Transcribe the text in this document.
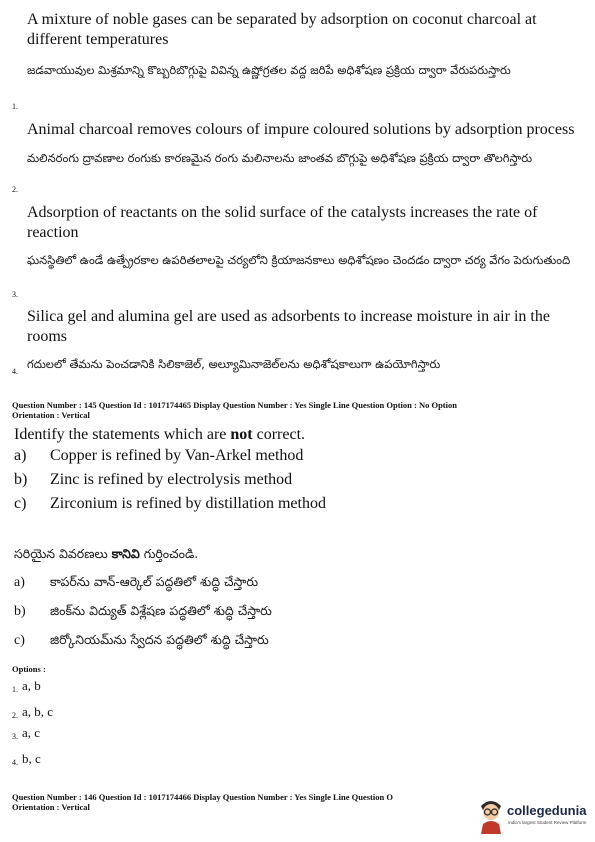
A mixture of noble gases can be separated by adsorption on coconut charcoal at different temperatures
జడవాయువుల మిశ్రమాన్ని కొబ్బరిబొగ్గుపై వివిన్న ఉష్ణోగ్రతల వద్ద జరిపే అధిశోషణ ప్రక్రియ ద్వారా వేరుపరుస్తారు
1.
Animal charcoal removes colours of impure coloured solutions by adsorption process
మలినరంగు ద్రావణాల రంగుకు కారణమైన రంగు మలినాలను జాంతవ బొగ్గుపై అధిశోషణ ప్రక్రియ ద్వారా తొలగిస్తారు
2.
Adsorption of reactants on the solid surface of the catalysts increases the rate of reaction
ఘనస్థితిలో ఉండే ఉత్ప్రేరకాల ఉపరితలాలపై చర్యలోని క్రియాజనకాలు అధిశోషణం చెందడం ద్వారా చర్య వేగం పెరుగుతుంది
3.
Silica gel and alumina gel are used as adsorbents to increase moisture in air in the rooms
గదులలో తేమను పెంచడానికి సిలికాజెల్, అల్యూమినాజెల్‌లను అధిశోషకాలుగా ఉపయోగిస్తారు
4.
Question Number : 145 Question Id : 1017174465 Display Question Number : Yes Single Line Question Option : No Option
Orientation : Vertical
Identify the statements which are not correct.
a) Copper is refined by Van-Arkel method
b) Zinc is refined by electrolysis method
c) Zirconium is refined by distillation method
సరియైన వివరణలు కానివి గుర్తించండి.
a) కాపర్‌ను వాన్-ఆర్కెల్ పద్ధతిలో శుద్ధి చేస్తారు
b) జింక్‌ను విద్యుత్ విశ్లేషణ పద్ధతిలో శుద్ధి చేస్తారు
c) జిర్కోనియమ్‌ను స్వేదన పద్ధతిలో శుద్ధి చేస్తారు
Options :
1. a, b
2. a, b, c
3. a, c
4. b, c
Question Number : 146 Question Id : 1017174466 Display Question Number : Yes Single Line Question O
Orientation : Vertical	collegedunia
India's largest Student Review Platform
